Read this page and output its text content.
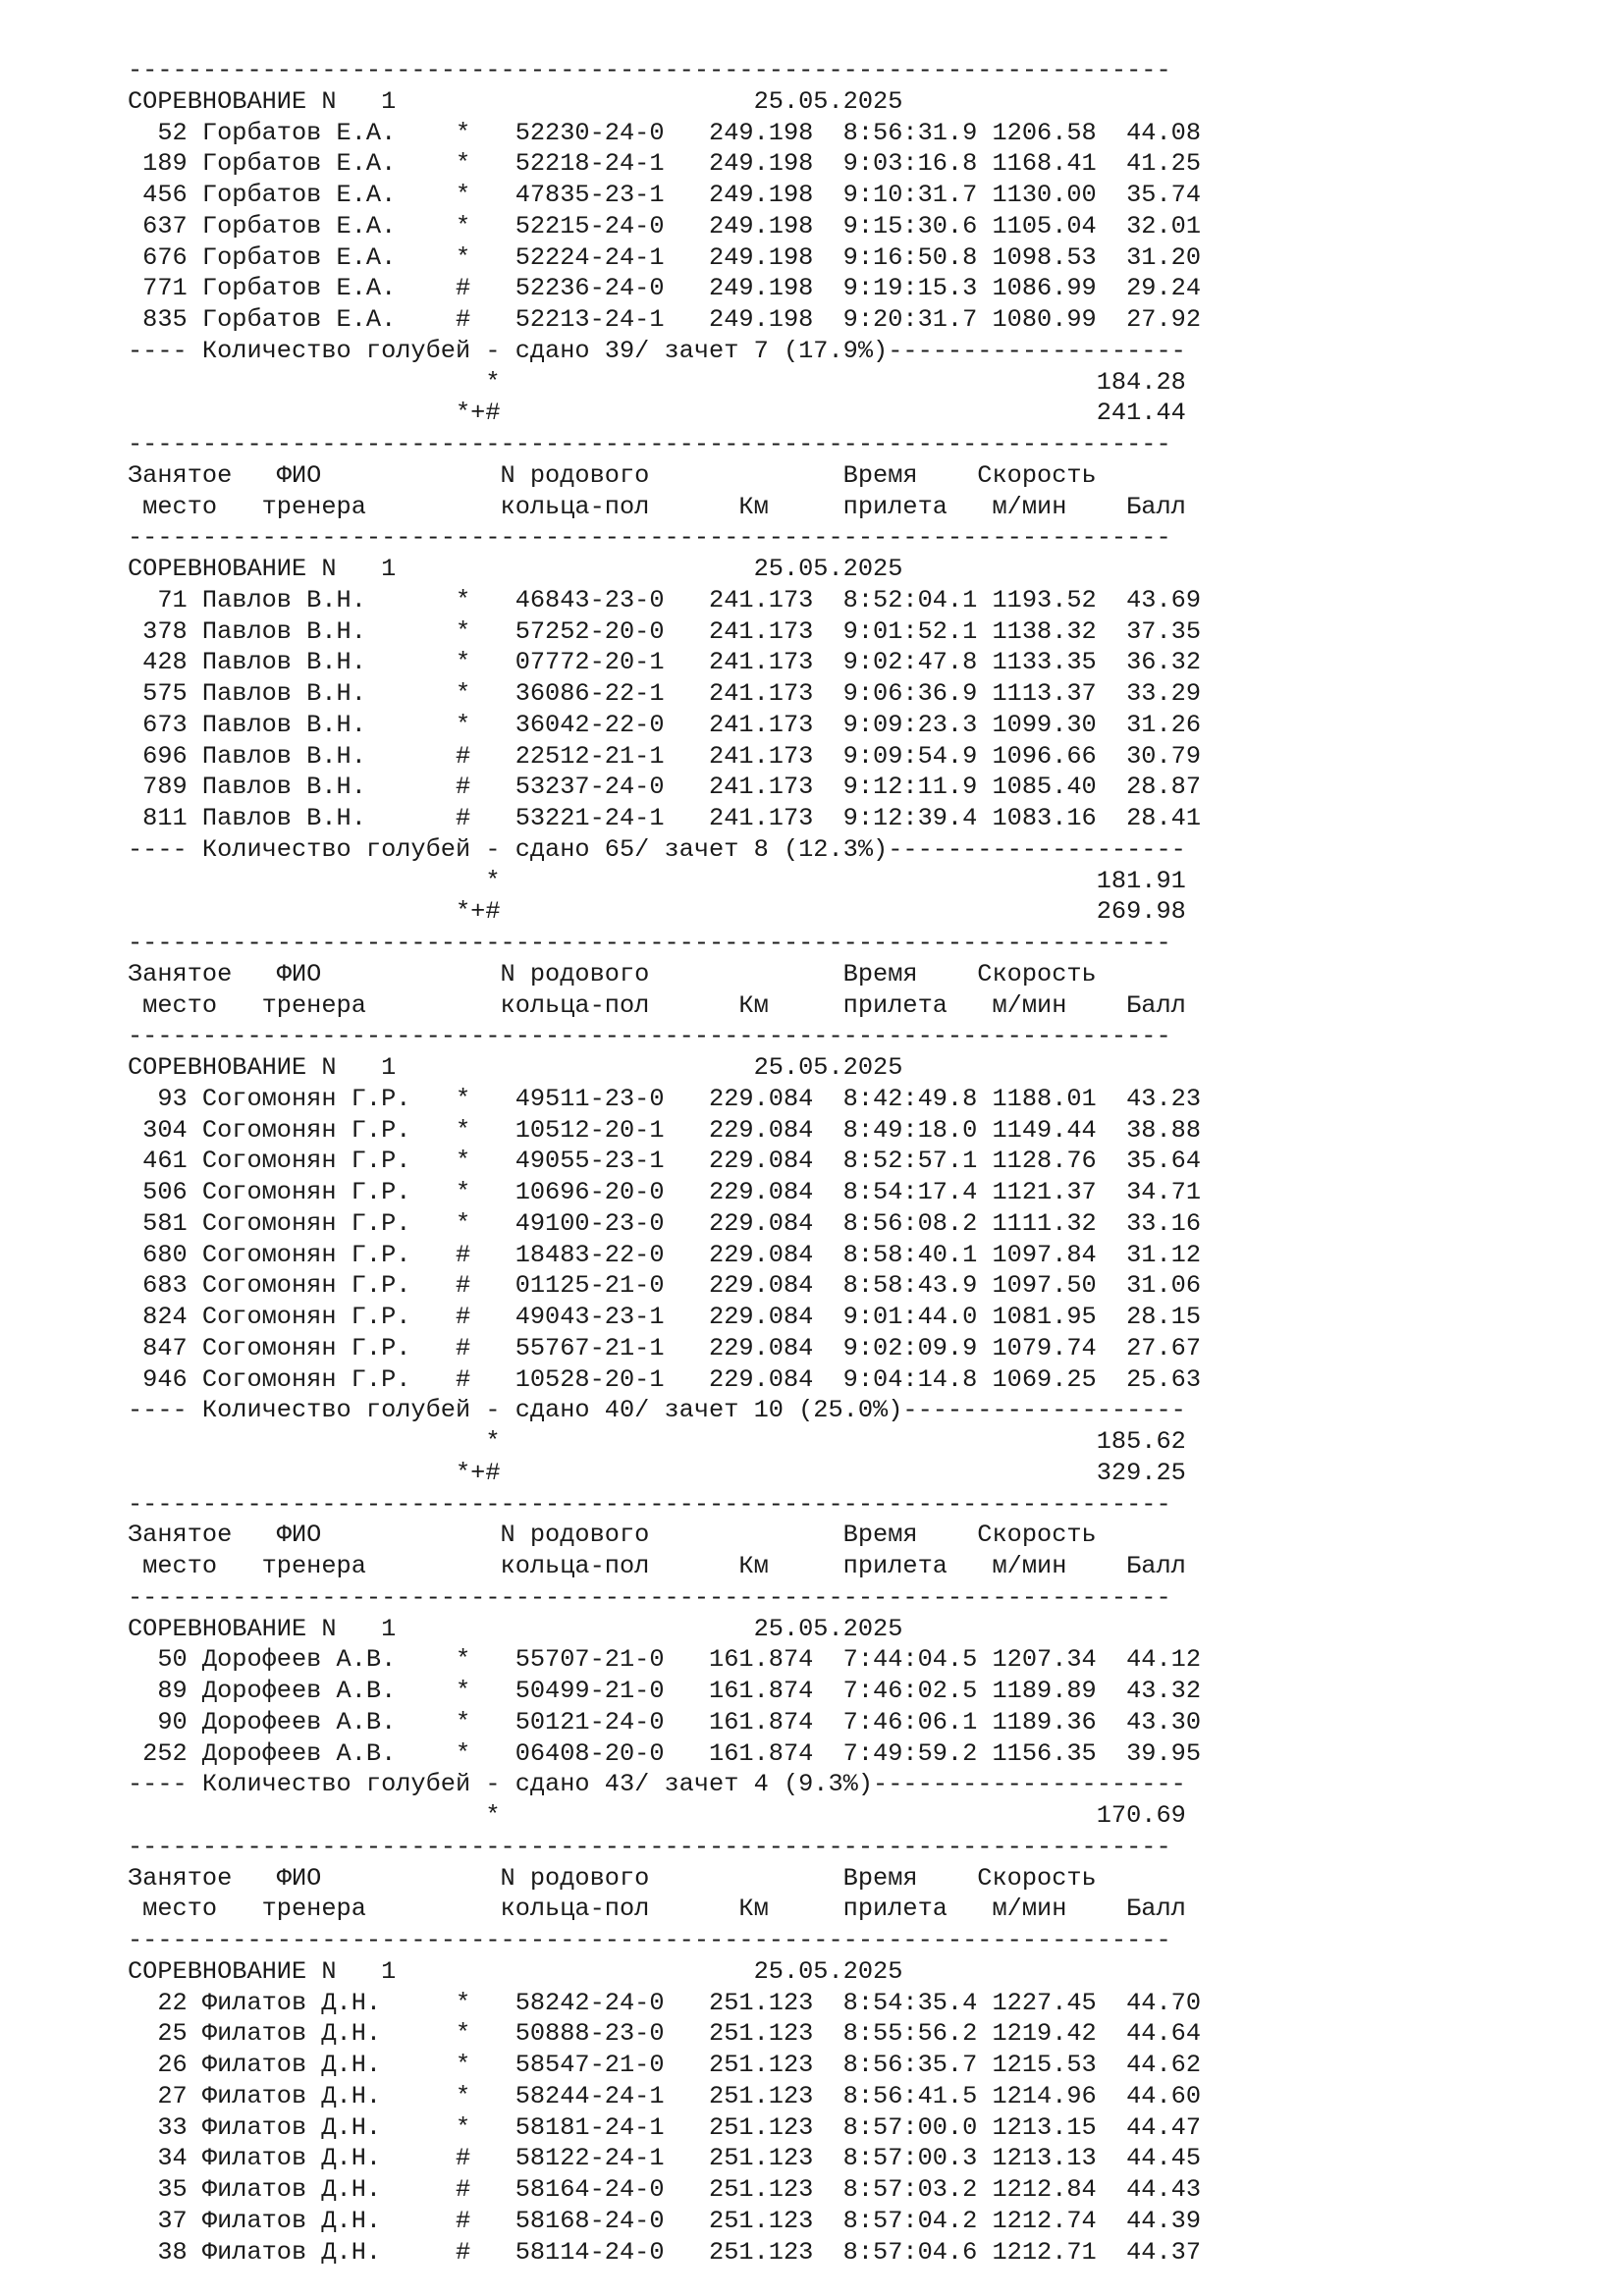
----------------------------------------------------------------------
СОРЕВНОВАНИЕ N   1                        25.05.2025
52 Горбатов Е.А.    *   52230-24-0   249.198  8:56:31.9 1206.58  44.08
189 Горбатов Е.А.    *   52218-24-1   249.198  9:03:16.8 1168.41  41.25
456 Горбатов Е.А.    *   47835-23-1   249.198  9:10:31.7 1130.00  35.74
637 Горбатов Е.А.    *   52215-24-0   249.198  9:15:30.6 1105.04  32.01
676 Горбатов Е.А.    *   52224-24-1   249.198  9:16:50.8 1098.53  31.20
771 Горбатов Е.А.    #   52236-24-0   249.198  9:19:15.3 1086.99  29.24
835 Горбатов Е.А.    #   52213-24-1   249.198  9:20:31.7 1080.99  27.92
---- Количество голубей - сдано 39/ зачет 7 (17.9%)--------------------
*                                        184.28
*+#                                        241.44
----------------------------------------------------------------------
Занятое   ФИО            N родового             Время    Скорость
место   тренера         кольца-пол      Км     прилета   м/мин    Балл
----------------------------------------------------------------------
СОРЕВНОВАНИЕ N   1                        25.05.2025
71 Павлов В.Н.      *   46843-23-0   241.173  8:52:04.1 1193.52  43.69
378 Павлов В.Н.      *   57252-20-0   241.173  9:01:52.1 1138.32  37.35
428 Павлов В.Н.      *   07772-20-1   241.173  9:02:47.8 1133.35  36.32
575 Павлов В.Н.      *   36086-22-1   241.173  9:06:36.9 1113.37  33.29
673 Павлов В.Н.      *   36042-22-0   241.173  9:09:23.3 1099.30  31.26
696 Павлов В.Н.      #   22512-21-1   241.173  9:09:54.9 1096.66  30.79
789 Павлов В.Н.      #   53237-24-0   241.173  9:12:11.9 1085.40  28.87
811 Павлов В.Н.      #   53221-24-1   241.173  9:12:39.4 1083.16  28.41
---- Количество голубей - сдано 65/ зачет 8 (12.3%)--------------------
*                                        181.91
*+#                                        269.98
----------------------------------------------------------------------
Занятое   ФИО            N родового             Время    Скорость
место   тренера         кольца-пол      Км     прилета   м/мин    Балл
----------------------------------------------------------------------
СОРЕВНОВАНИЕ N   1                        25.05.2025
93 Согомонян Г.Р.   *   49511-23-0   229.084  8:42:49.8 1188.01  43.23
304 Согомонян Г.Р.   *   10512-20-1   229.084  8:49:18.0 1149.44  38.88
461 Согомонян Г.Р.   *   49055-23-1   229.084  8:52:57.1 1128.76  35.64
506 Согомонян Г.Р.   *   10696-20-0   229.084  8:54:17.4 1121.37  34.71
581 Согомонян Г.Р.   *   49100-23-0   229.084  8:56:08.2 1111.32  33.16
680 Согомонян Г.Р.   #   18483-22-0   229.084  8:58:40.1 1097.84  31.12
683 Согомонян Г.Р.   #   01125-21-0   229.084  8:58:43.9 1097.50  31.06
824 Согомонян Г.Р.   #   49043-23-1   229.084  9:01:44.0 1081.95  28.15
847 Согомонян Г.Р.   #   55767-21-1   229.084  9:02:09.9 1079.74  27.67
946 Согомонян Г.Р.   #   10528-20-1   229.084  9:04:14.8 1069.25  25.63
---- Количество голубей - сдано 40/ зачет 10 (25.0%)-------------------
*                                        185.62
*+#                                        329.25
----------------------------------------------------------------------
Занятое   ФИО            N родового             Время    Скорость
место   тренера         кольца-пол      Км     прилета   м/мин    Балл
----------------------------------------------------------------------
СОРЕВНОВАНИЕ N   1                        25.05.2025
50 Дорофеев А.В.    *   55707-21-0   161.874  7:44:04.5 1207.34  44.12
89 Дорофеев А.В.    *   50499-21-0   161.874  7:46:02.5 1189.89  43.32
90 Дорофеев А.В.    *   50121-24-0   161.874  7:46:06.1 1189.36  43.30
252 Дорофеев А.В.    *   06408-20-0   161.874  7:49:59.2 1156.35  39.95
---- Количество голубей - сдано 43/ зачет 4 (9.3%)---------------------
*                                        170.69
----------------------------------------------------------------------
Занятое   ФИО            N родового             Время    Скорость
место   тренера         кольца-пол      Км     прилета   м/мин    Балл
----------------------------------------------------------------------
СОРЕВНОВАНИЕ N   1                        25.05.2025
22 Филатов Д.Н.     *   58242-24-0   251.123  8:54:35.4 1227.45  44.70
25 Филатов Д.Н.     *   50888-23-0   251.123  8:55:56.2 1219.42  44.64
26 Филатов Д.Н.     *   58547-21-0   251.123  8:56:35.7 1215.53  44.62
27 Филатов Д.Н.     *   58244-24-1   251.123  8:56:41.5 1214.96  44.60
33 Филатов Д.Н.     *   58181-24-1   251.123  8:57:00.0 1213.15  44.47
34 Филатов Д.Н.     #   58122-24-1   251.123  8:57:00.3 1213.13  44.45
35 Филатов Д.Н.     #   58164-24-0   251.123  8:57:03.2 1212.84  44.43
37 Филатов Д.Н.     #   58168-24-0   251.123  8:57:04.2 1212.74  44.39
38 Филатов Д.Н.     #   58114-24-0   251.123  8:57:04.6 1212.71  44.37
